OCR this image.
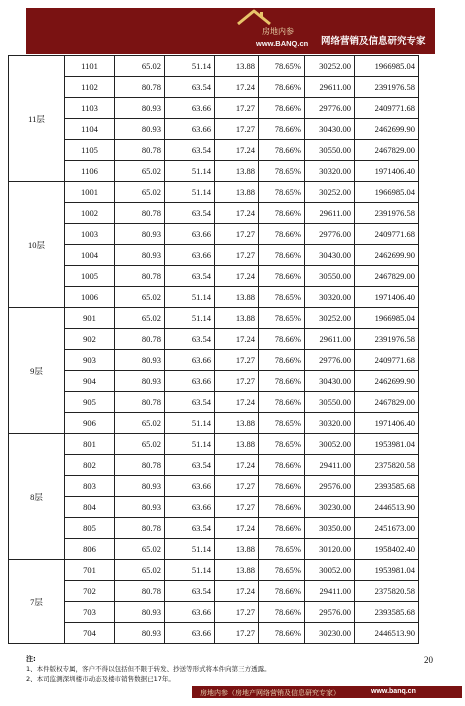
房地内参
www.BANQ.cn 网络营销及信息研究专家
11层	1101	65.02	51.14	13.88	78.65%	30252.00	1966985.04
	1102	80.78	63.54	17.24	78.66%	29611.00	2391976.58
	1103	80.93	63.66	17.27	78.66%	29776.00	2409771.68
	1104	80.93	63.66	17.27	78.66%	30430.00	2462699.90
	1105	80.78	63.54	17.24	78.66%	30550.00	2467829.00
	1106	65.02	51.14	13.88	78.65%	30320.00	1971406.40
10层	1001	65.02	51.14	13.88	78.65%	30252.00	1966985.04
	1002	80.78	63.54	17.24	78.66%	29611.00	2391976.58
	1003	80.93	63.66	17.27	78.66%	29776.00	2409771.68
	1004	80.93	63.66	17.27	78.66%	30430.00	2462699.90
	1005	80.78	63.54	17.24	78.66%	30550.00	2467829.00
	1006	65.02	51.14	13.88	78.65%	30320.00	1971406.40
9层	901	65.02	51.14	13.88	78.65%	30252.00	1966985.04
	902	80.78	63.54	17.24	78.66%	29611.00	2391976.58
	903	80.93	63.66	17.27	78.66%	29776.00	2409771.68
	904	80.93	63.66	17.27	78.66%	30430.00	2462699.90
	905	80.78	63.54	17.24	78.66%	30550.00	2467829.00
	906	65.02	51.14	13.88	78.65%	30320.00	1971406.40
8层	801	65.02	51.14	13.88	78.65%	30052.00	1953981.04
	802	80.78	63.54	17.24	78.66%	29411.00	2375820.58
	803	80.93	63.66	17.27	78.66%	29576.00	2393585.68
	804	80.93	63.66	17.27	78.66%	30230.00	2446513.90
	805	80.78	63.54	17.24	78.66%	30350.00	2451673.00
	806	65.02	51.14	13.88	78.65%	30120.00	1958402.40
7层	701	65.02	51.14	13.88	78.65%	30052.00	1953981.04
	702	80.78	63.54	17.24	78.66%	29411.00	2375820.58
	703	80.93	63.66	17.27	78.66%	29576.00	2393585.68
	704	80.93	63.66	17.27	78.66%	30230.00	2446513.90
注:
1、本件版权专属，客户不得以包括但不限于转发、抄送等形式将本件向第三方透露。
2、本司监测深圳楼市动态及楼市销售数据已17年。
20
房地内参（房地产网络营销及信息研究专家）	www.banq.cn
